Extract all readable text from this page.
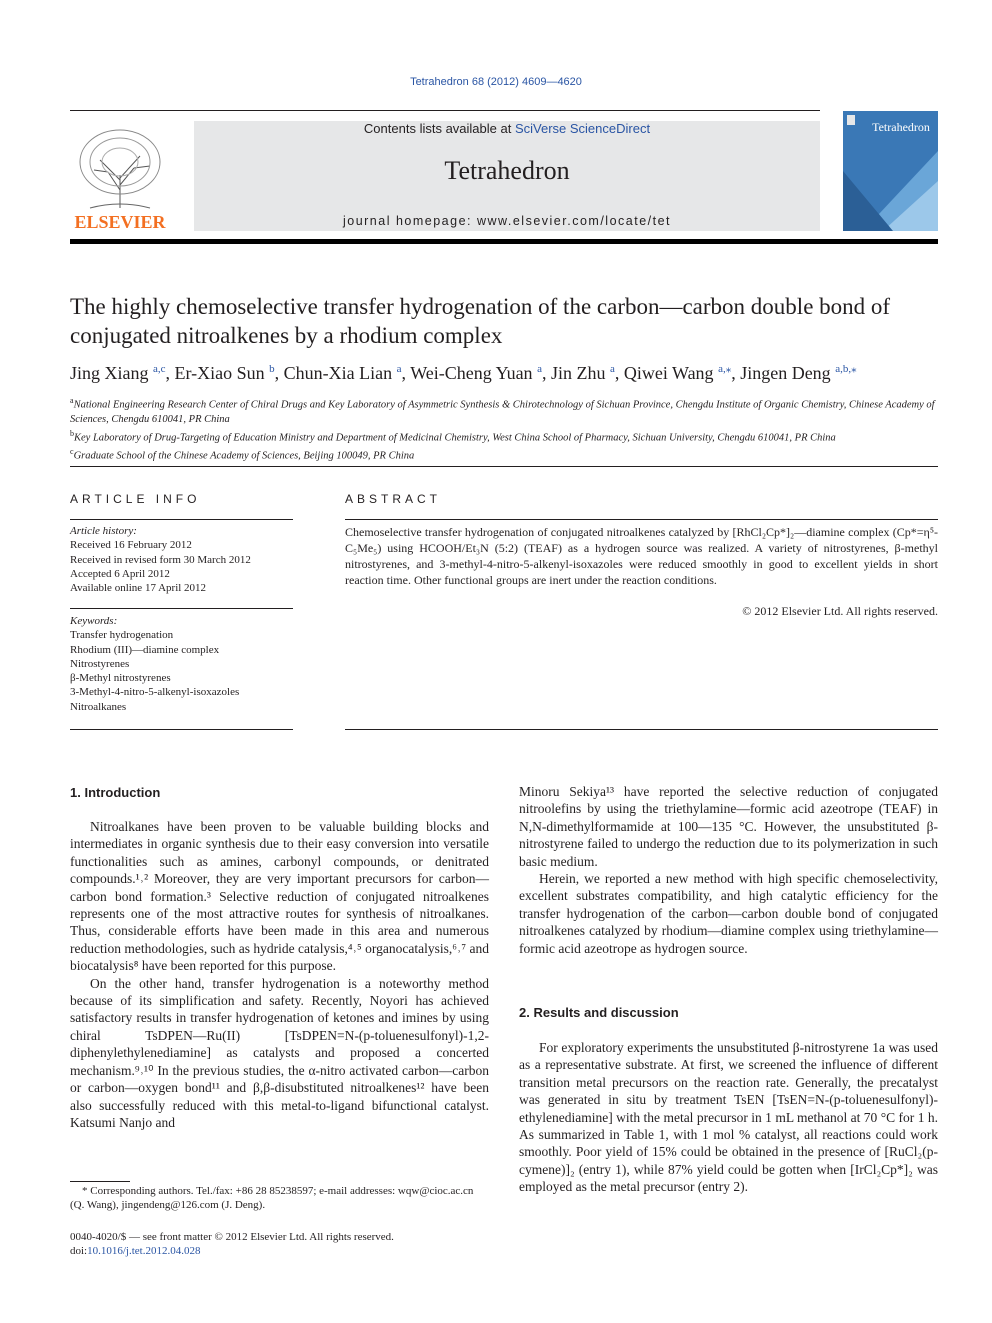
Tetrahedron 68 (2012) 4609—4620
ELSEVIER
Contents lists available at SciVerse ScienceDirect
Tetrahedron
journal homepage: www.elsevier.com/locate/tet
Tetrahedron
The highly chemoselective transfer hydrogenation of the carbon—carbon double bond of conjugated nitroalkenes by a rhodium complex
Jing Xiang $^{a,c}$, Er-Xiao Sun $^b$, Chun-Xia Lian $^a$, Wei-Cheng Yuan $^a$, Jin Zhu $^a$, Qiwei Wang $^{a,⁎}$, Jingen Deng $^{a,b,⁎}$
$^a$National Engineering Research Center of Chiral Drugs and Key Laboratory of Asymmetric Synthesis & Chirotechnology of Sichuan Province, Chengdu Institute of Organic Chemistry, Chinese Academy of Sciences, Chengdu 610041, PR China
$^b$Key Laboratory of Drug-Targeting of Education Ministry and Department of Medicinal Chemistry, West China School of Pharmacy, Sichuan University, Chengdu 610041, PR China
$^c$Graduate School of the Chinese Academy of Sciences, Beijing 100049, PR China
ARTICLE INFO
Article history:
Received 16 February 2012
Received in revised form 30 March 2012
Accepted 6 April 2012
Available online 17 April 2012
Keywords:
Transfer hydrogenation
Rhodium (III)—diamine complex
Nitrostyrenes
β-Methyl nitrostyrenes
3-Methyl-4-nitro-5-alkenyl-isoxazoles
Nitroalkanes
ABSTRACT
Chemoselective transfer hydrogenation of conjugated nitroalkenes catalyzed by [RhCl₂Cp*]₂—diamine complex (Cp*=η⁵-C₅Me₅) using HCOOH/Et₃N (5:2) (TEAF) as a hydrogen source was realized. A variety of nitrostyrenes, β-methyl nitrostyrenes, and 3-methyl-4-nitro-5-alkenyl-isoxazoles were reduced smoothly in good to excellent yields in short reaction time. Other functional groups are inert under the reaction conditions.
© 2012 Elsevier Ltd. All rights reserved.
1. Introduction

Nitroalkanes have been proven to be valuable building blocks and intermediates in organic synthesis due to their easy conversion into versatile functionalities such as amines, carbonyl compounds, or denitrated compounds.¹˒² Moreover, they are very important precursors for carbon—carbon bond formation.³ Selective reduction of conjugated nitroalkenes represents one of the most attractive routes for synthesis of nitroalkanes. Thus, considerable efforts have been made in this area and numerous reduction methodologies, such as hydride catalysis,⁴˒⁵ organocatalysis,⁶˒⁷ and biocatalysis⁸ have been reported for this purpose.

On the other hand, transfer hydrogenation is a noteworthy method because of its simplification and safety. Recently, Noyori has achieved satisfactory results in transfer hydrogenation of ketones and imines by using chiral TsDPEN—Ru(II) [TsDPEN=N-(p-toluenesulfonyl)-1,2-diphenylethylenediamine] as catalysts and proposed a concerted mechanism.⁹˒¹⁰ In the previous studies, the α-nitro activated carbon—carbon or carbon—oxygen bond¹¹ and β,β-disubstituted nitroalkenes¹² have been also successfully reduced with this metal-to-ligand bifunctional catalyst. Katsumi Nanjo and

Minoru Sekiya¹³ have reported the selective reduction of conjugated nitroolefins by using the triethylamine—formic acid azeotrope (TEAF) in N,N-dimethylformamide at 100—135 °C. However, the unsubstituted β-nitrostyrene failed to undergo the reduction due to its polymerization in such basic medium.

Herein, we reported a new method with high specific chemoselectivity, excellent substrates compatibility, and high catalytic efficiency for the transfer hydrogenation of the carbon—carbon double bond of conjugated nitroalkenes catalyzed by rhodium—diamine complex using triethylamine—formic acid azeotrope as hydrogen source.

2. Results and discussion

For exploratory experiments the unsubstituted β-nitrostyrene 1a was used as a representative substrate. At first, we screened the influence of different transition metal precursors on the reaction rate. Generally, the precatalyst was generated in situ by treatment TsEN [TsEN=N-(p-toluenesulfonyl)-ethylenediamine] with the metal precursor in 1 mL methanol at 70 °C for 1 h. As summarized in Table 1, with 1 mol % catalyst, all reactions could work smoothly. Poor yield of 15% could be obtained in the presence of [RuCl₂(p-cymene)]₂ (entry 1), while 87% yield could be gotten when [IrCl₂Cp*]₂ was employed as the metal precursor (entry 2).

* Corresponding authors. Tel./fax: +86 28 85238597; e-mail addresses: wqw@cioc.ac.cn (Q. Wang), jingendeng@126.com (J. Deng).
0040-4020/$ — see front matter © 2012 Elsevier Ltd. All rights reserved.
doi:10.1016/j.tet.2012.04.028
